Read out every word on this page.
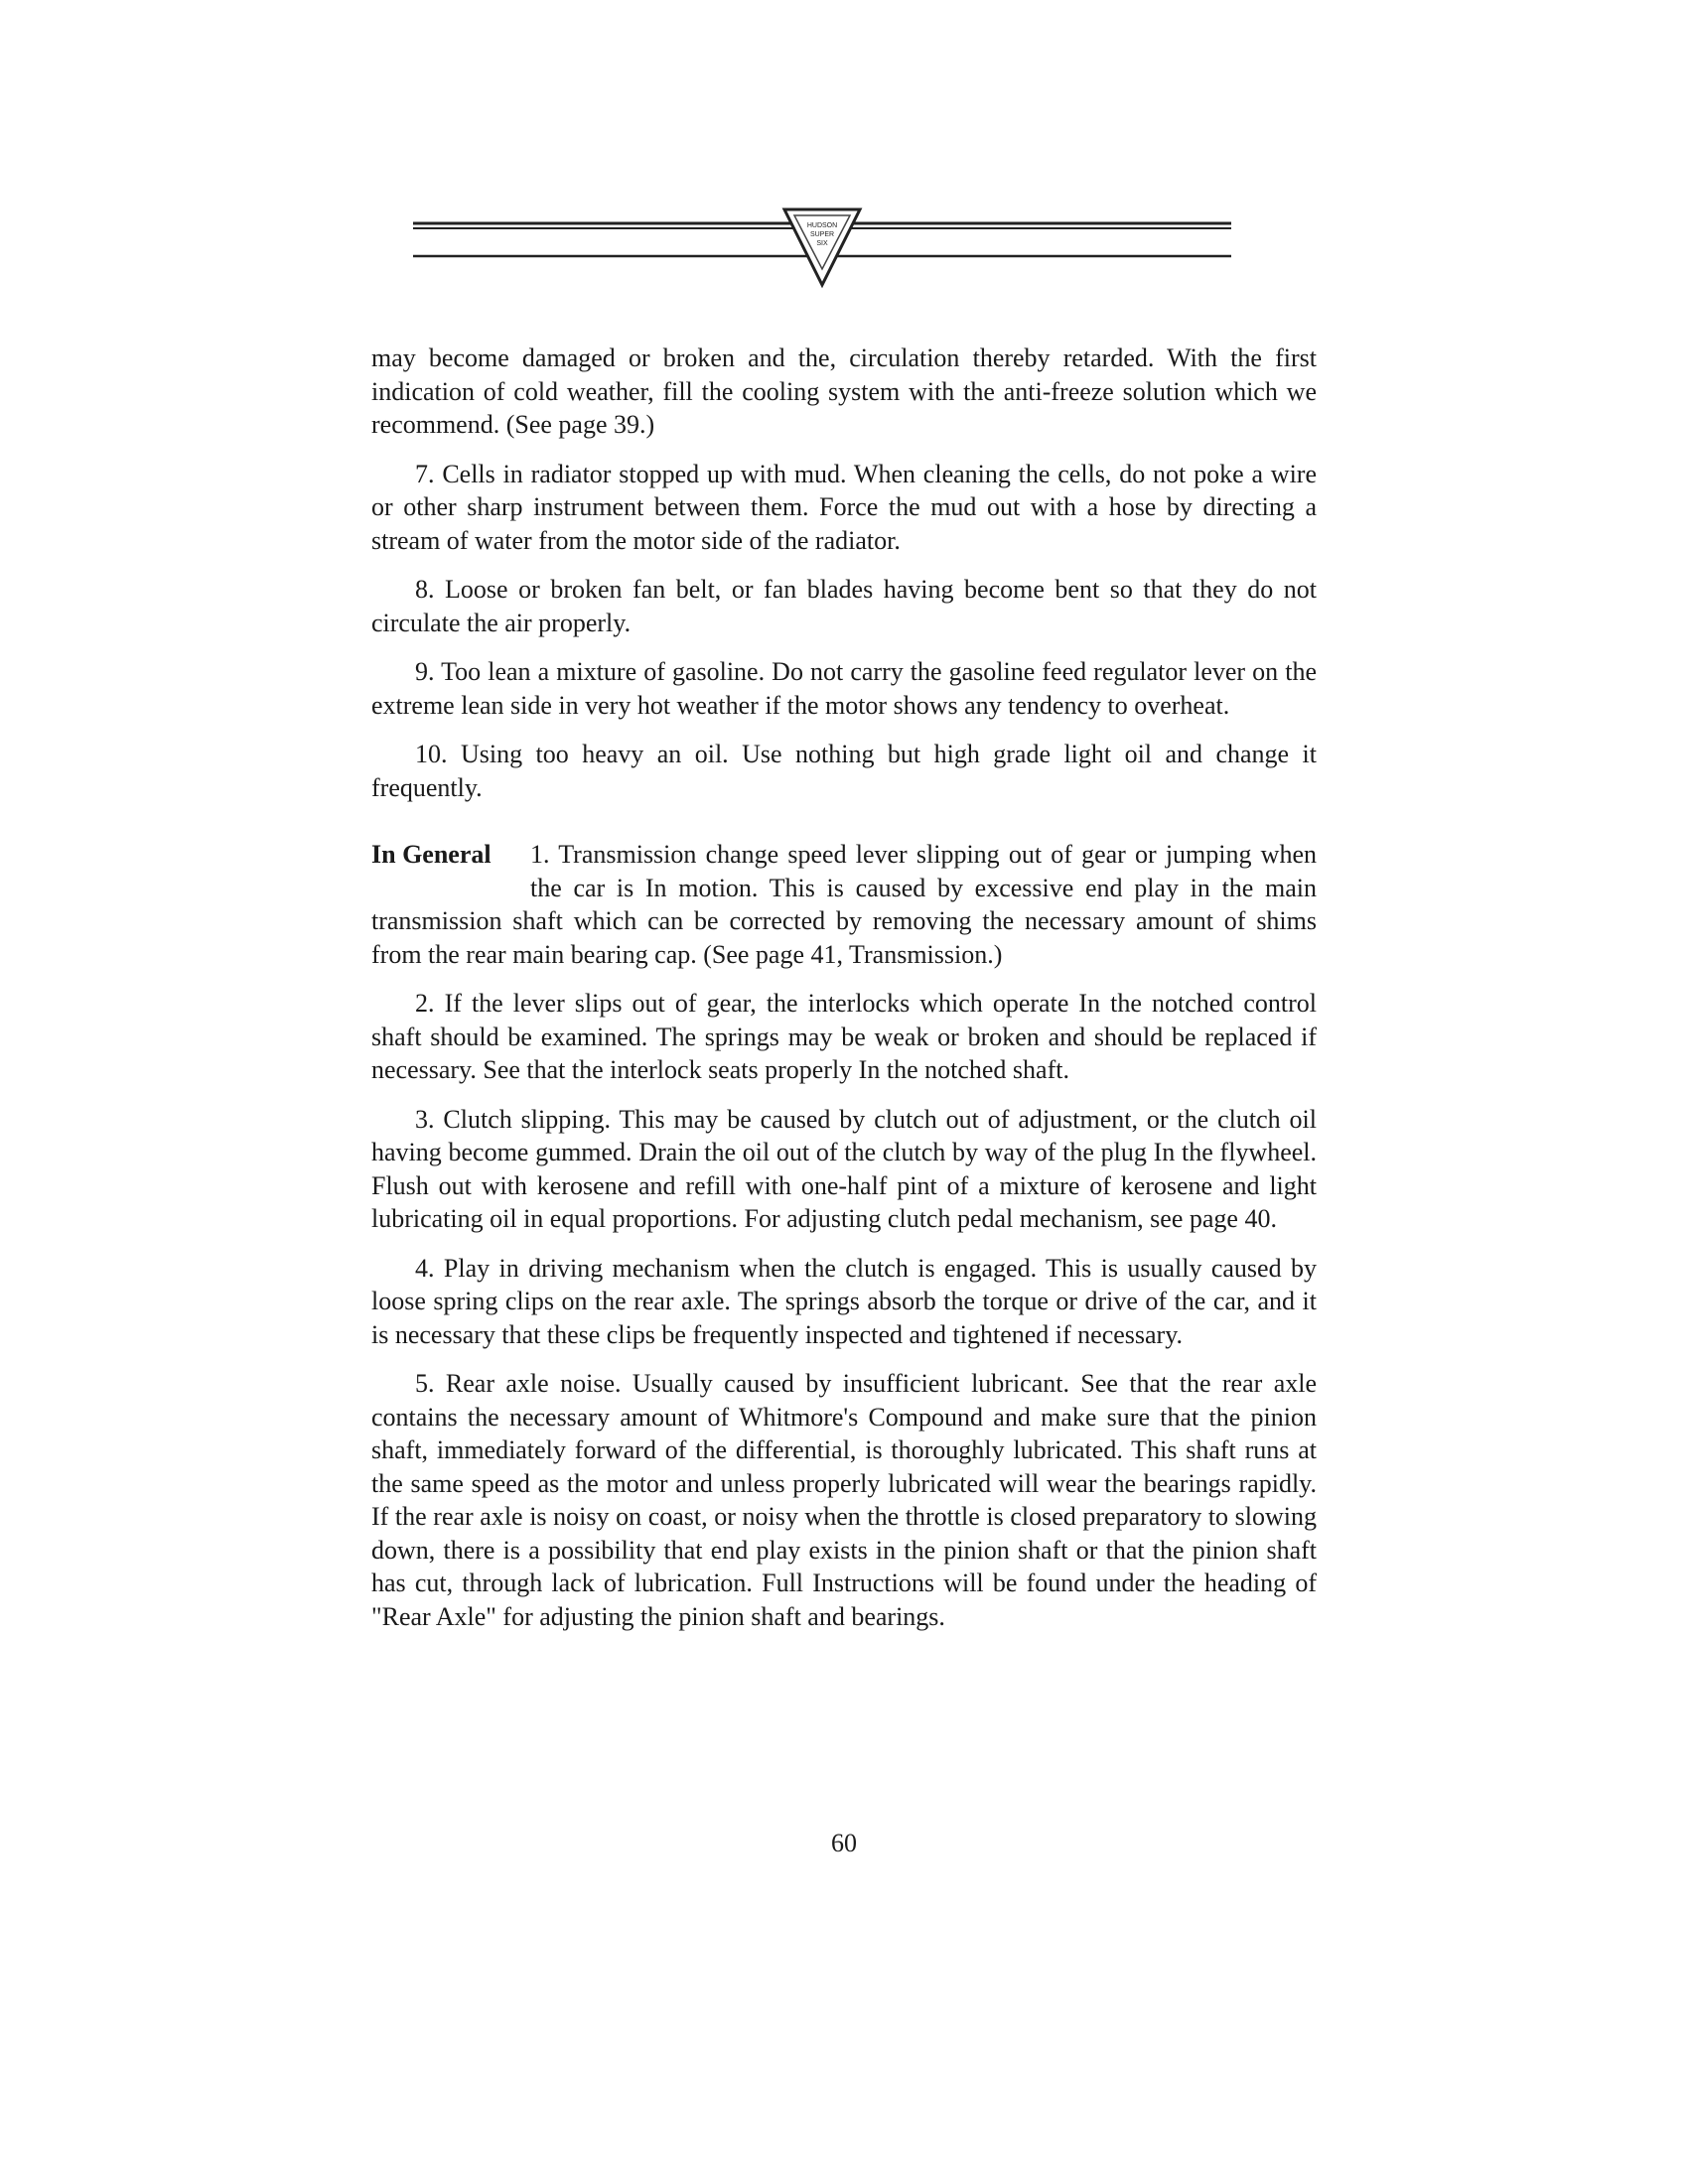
HUDSON
SUPER
SIX

may become damaged or broken and the, circulation thereby retarded. With the first indication of cold weather, fill the cooling system with the anti-freeze solution which we recommend. (See page 39.)

7. Cells in radiator stopped up with mud. When cleaning the cells, do not poke a wire or other sharp instrument between them. Force the mud out with a hose by directing a stream of water from the motor side of the radiator.

8. Loose or broken fan belt, or fan blades having become bent so that they do not circulate the air properly.

9. Too lean a mixture of gasoline. Do not carry the gasoline feed regulator lever on the extreme lean side in very hot weather if the motor shows any tendency to overheat.

10. Using too heavy an oil. Use nothing but high grade light oil and change it frequently.

In General	1. Transmission change speed lever slipping out of gear or jumping when the car is In motion. This is caused by excessive end play in the main transmission shaft which can be corrected by removing the necessary amount of shims from the rear main bearing cap. (See page 41, Transmission.)

2. If the lever slips out of gear, the interlocks which operate In the notched control shaft should be examined. The springs may be weak or broken and should be replaced if necessary. See that the interlock seats properly In the notched shaft.

3. Clutch slipping. This may be caused by clutch out of adjustment, or the clutch oil having become gummed. Drain the oil out of the clutch by way of the plug In the flywheel. Flush out with kerosene and refill with one-half pint of a mixture of kerosene and light lubricating oil in equal proportions. For adjusting clutch pedal mechanism, see page 40.

4. Play in driving mechanism when the clutch is engaged. This is usually caused by loose spring clips on the rear axle. The springs absorb the torque or drive of the car, and it is necessary that these clips be frequently inspected and tightened if necessary.

5. Rear axle noise. Usually caused by insufficient lubricant. See that the rear axle contains the necessary amount of Whitmore's Compound and make sure that the pinion shaft, immediately forward of the differential, is thoroughly lubricated. This shaft runs at the same speed as the motor and unless properly lubricated will wear the bearings rapidly. If the rear axle is noisy on coast, or noisy when the throttle is closed preparatory to slowing down, there is a possibility that end play exists in the pinion shaft or that the pinion shaft has cut, through lack of lubrication. Full Instructions will be found under the heading of "Rear Axle" for adjusting the pinion shaft and bearings.

60
